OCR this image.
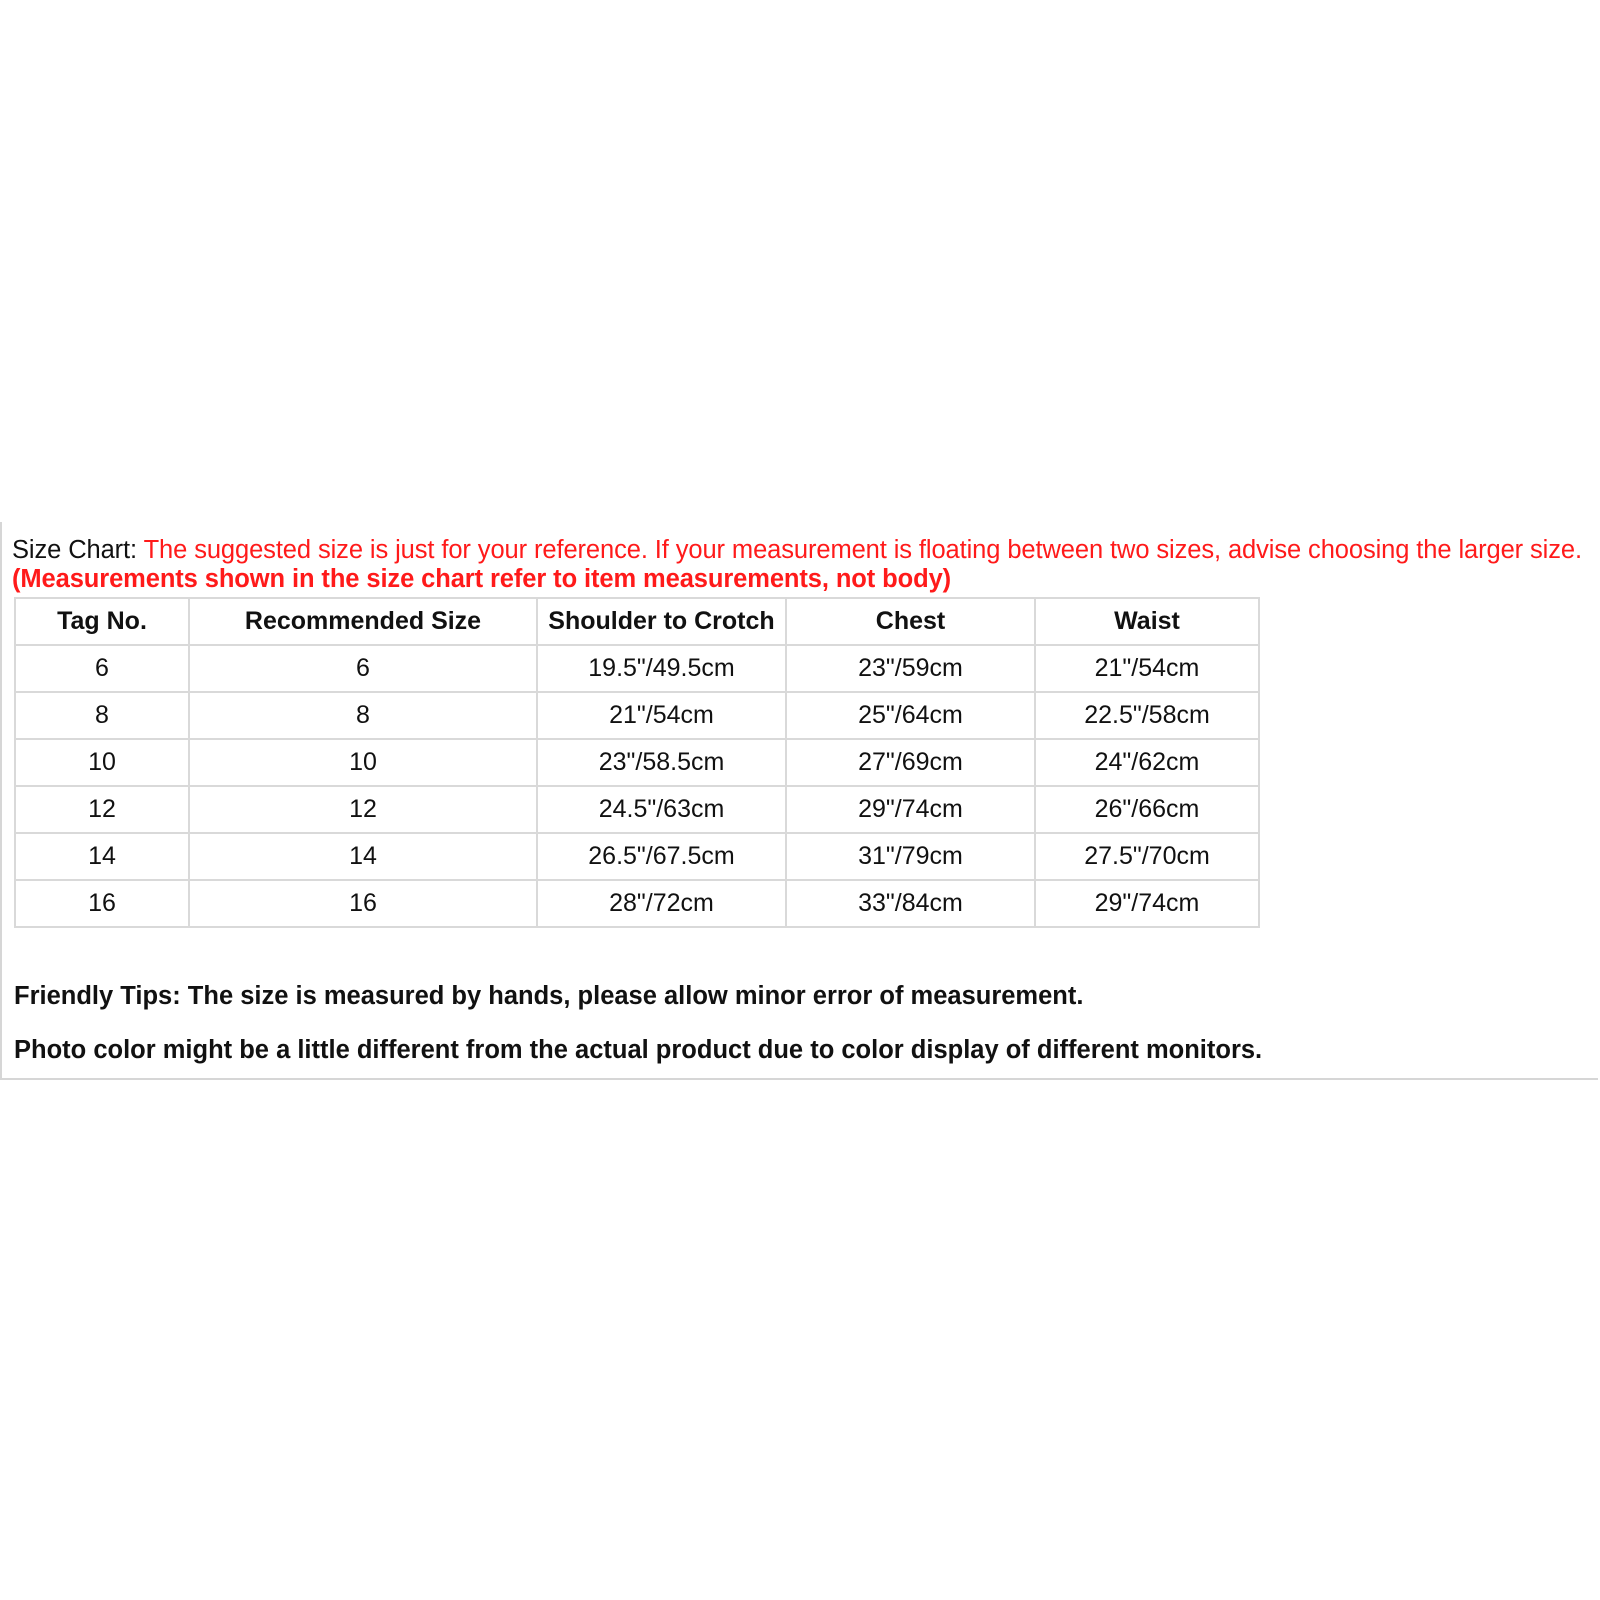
Size Chart: The suggested size is just for your reference. If your measurement is floating between two sizes, advise choosing the larger size. (Measurements shown in the size chart refer to item measurements, not body)
Tag No.	Recommended Size	Shoulder to Crotch	Chest	Waist
6	6	19.5"/49.5cm	23"/59cm	21"/54cm
8	8	21"/54cm	25"/64cm	22.5"/58cm
10	10	23"/58.5cm	27"/69cm	24"/62cm
12	12	24.5"/63cm	29"/74cm	26"/66cm
14	14	26.5"/67.5cm	31"/79cm	27.5"/70cm
16	16	28"/72cm	33"/84cm	29"/74cm
Friendly Tips: The size is measured by hands, please allow minor error of measurement.
Photo color might be a little different from the actual product due to color display of different monitors.
